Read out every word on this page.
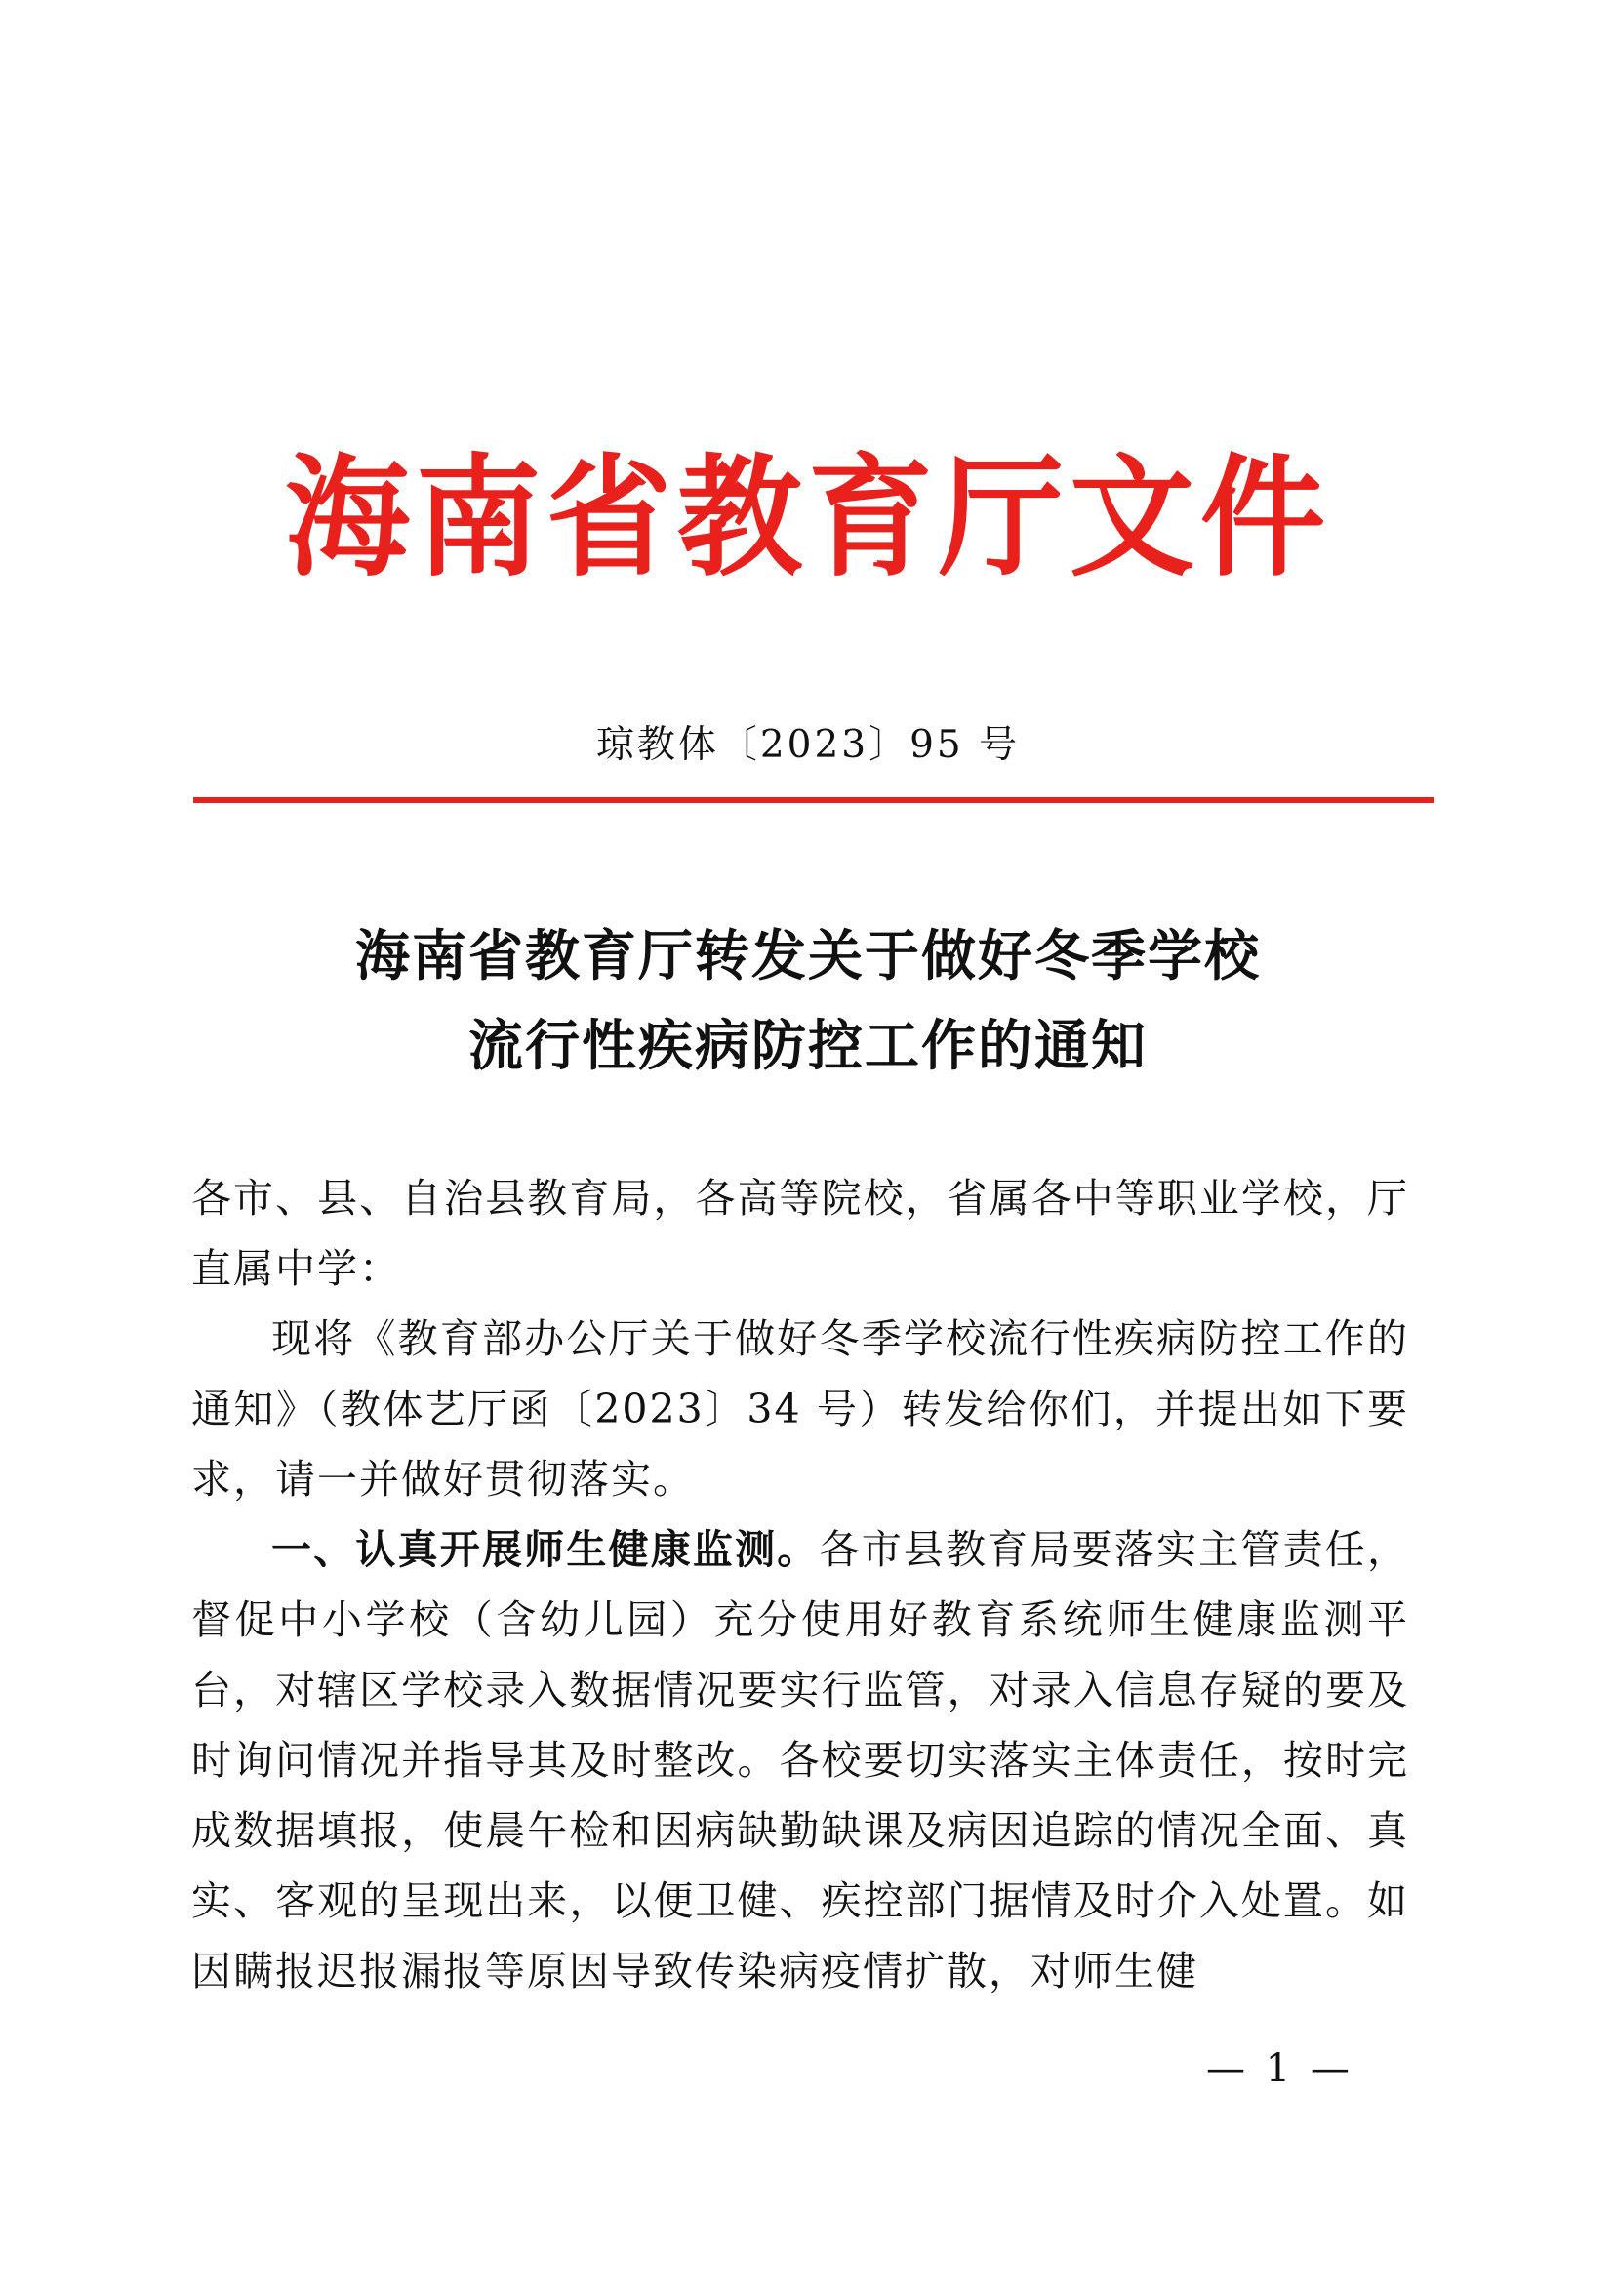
海南省教育厅文件
琼教体〔2023〕95 号
海南省教育厅转发关于做好冬季学校
流行性疾病防控工作的通知
各市、县、自治县教育局，各高等院校，省属各中等职业学校，厅直属中学：
现将《教育部办公厅关于做好冬季学校流行性疾病防控工作的通知》（教体艺厅函〔2023〕34 号）转发给你们，并提出如下要求，请一并做好贯彻落实。
一、认真开展师生健康监测。各市县教育局要落实主管责任，督促中小学校（含幼儿园）充分使用好教育系统师生健康监测平台，对辖区学校录入数据情况要实行监管，对录入信息存疑的要及时询问情况并指导其及时整改。各校要切实落实主体责任，按时完成数据填报，使晨午检和因病缺勤缺课及病因追踪的情况全面、真实、客观的呈现出来，以便卫健、疾控部门据情及时介入处置。如因瞒报迟报漏报等原因导致传染病疫情扩散，对师生健
— 1 —
